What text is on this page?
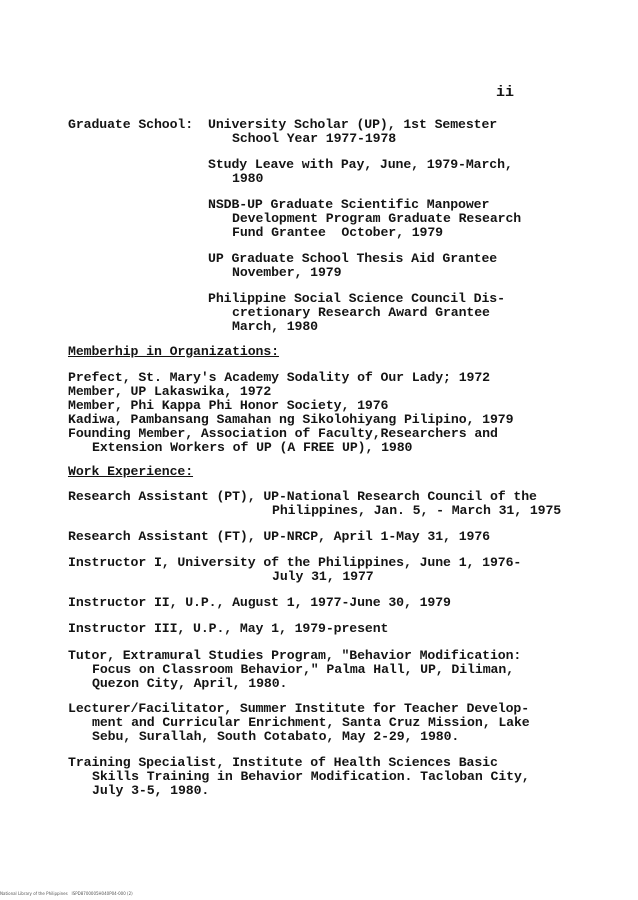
ii
Graduate School: University Scholar (UP), 1st Semester
School Year 1977-1978
Study Leave with Pay, June, 1979-March,
1980
NSDB-UP Graduate Scientific Manpower
Development Program Graduate Research
Fund Grantee  October, 1979
UP Graduate School Thesis Aid Grantee
November, 1979
Philippine Social Science Council Dis-
cretionary Research Award Grantee
March, 1980
Memberhip in Organizations:
Prefect, St. Mary's Academy Sodality of Our Lady; 1972
Member, UP Lakaswika, 1972
Member, Phi Kappa Phi Honor Society, 1976
Kadiwa, Pambansang Samahan ng Sikolohiyang Pilipino, 1979
Founding Member, Association of Faculty,Researchers and
Extension Workers of UP (A FREE UP), 1980
Work Experience:
Research Assistant (PT), UP-National Research Council of the
Philippines, Jan. 5, - March 31, 1975
Research Assistant (FT), UP-NRCP, April 1-May 31, 1976
Instructor I, University of the Philippines, June 1, 1976-
July 31, 1977
Instructor II, U.P., August 1, 1977-June 30, 1979
Instructor III, U.P., May 1, 1979-present
Tutor, Extramural Studies Program, "Behavior Modification:
Focus on Classroom Behavior," Palma Hall, UP, Diliman,
Quezon City, April, 1980.
Lecturer/Facilitator, Summer Institute for Teacher Develop-
ment and Curricular Enrichment, Santa Cruz Mission, Lake
Sebu, Surallah, South Cotabato, May 2-29, 1980.
Training Specialist, Institute of Health Sciences Basic
Skills Training in Behavior Modification. Tacloban City,
July 3-5, 1980.
National Library of the Philippines   ISPD8700005H040P04-000 (2)
